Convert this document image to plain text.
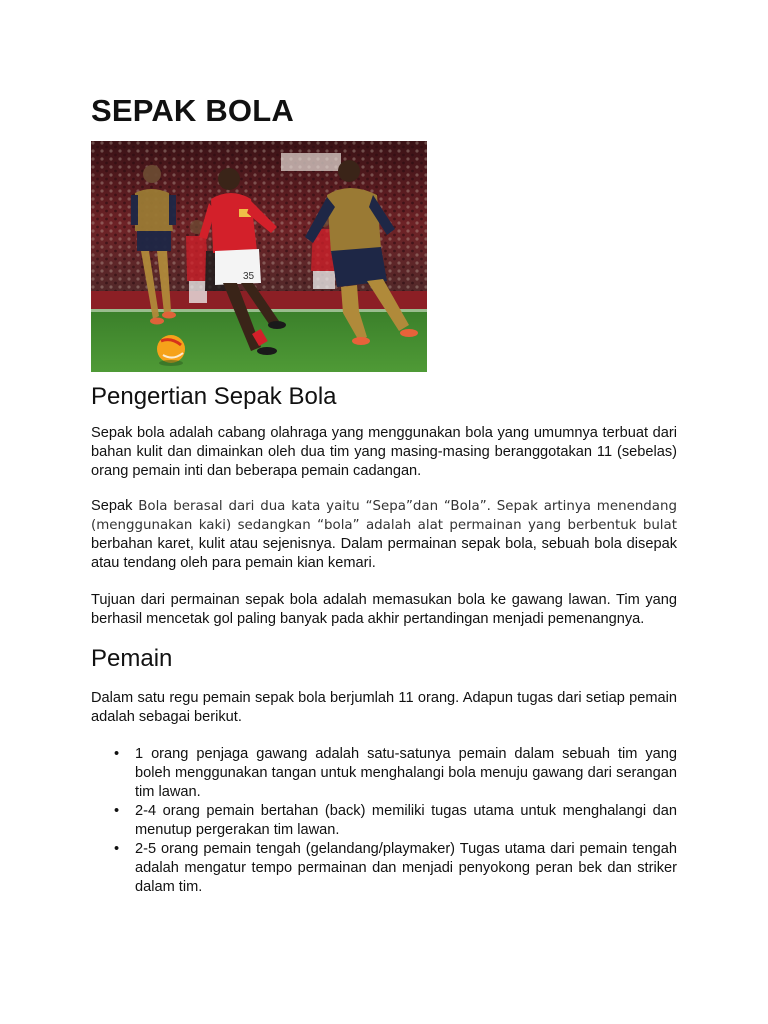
SEPAK BOLA
35
Pengertian Sepak Bola

Sepak bola adalah cabang olahraga yang menggunakan bola yang umumnya terbuat dari bahan kulit dan dimainkan oleh dua tim yang masing-masing beranggotakan 11 (sebelas) orang pemain inti dan beberapa pemain cadangan.

Sepak Bola berasal dari dua kata yaitu “Sepa”dan “Bola”. Sepak artinya menendang (menggunakan kaki) sedangkan “bola” adalah alat permainan yang berbentuk bulat berbahan karet, kulit atau sejenisnya. Dalam permainan sepak bola, sebuah bola disepak atau tendang oleh para pemain kian kemari.

Tujuan dari permainan sepak bola adalah memasukan bola ke gawang lawan. Tim yang berhasil mencetak gol paling banyak pada akhir pertandingan menjadi pemenangnya.

Pemain

Dalam satu regu pemain sepak bola berjumlah 11 orang. Adapun tugas dari setiap pemain adalah sebagai berikut.

• 1 orang penjaga gawang adalah satu-satunya pemain dalam sebuah tim yang boleh menggunakan tangan untuk menghalangi bola menuju gawang dari serangan tim lawan.
• 2-4 orang pemain bertahan (back) memiliki tugas utama untuk menghalangi dan menutup pergerakan tim lawan.
• 2-5 orang pemain tengah (gelandang/playmaker) Tugas utama dari pemain tengah adalah mengatur tempo permainan dan menjadi penyokong peran bek dan striker dalam tim.
